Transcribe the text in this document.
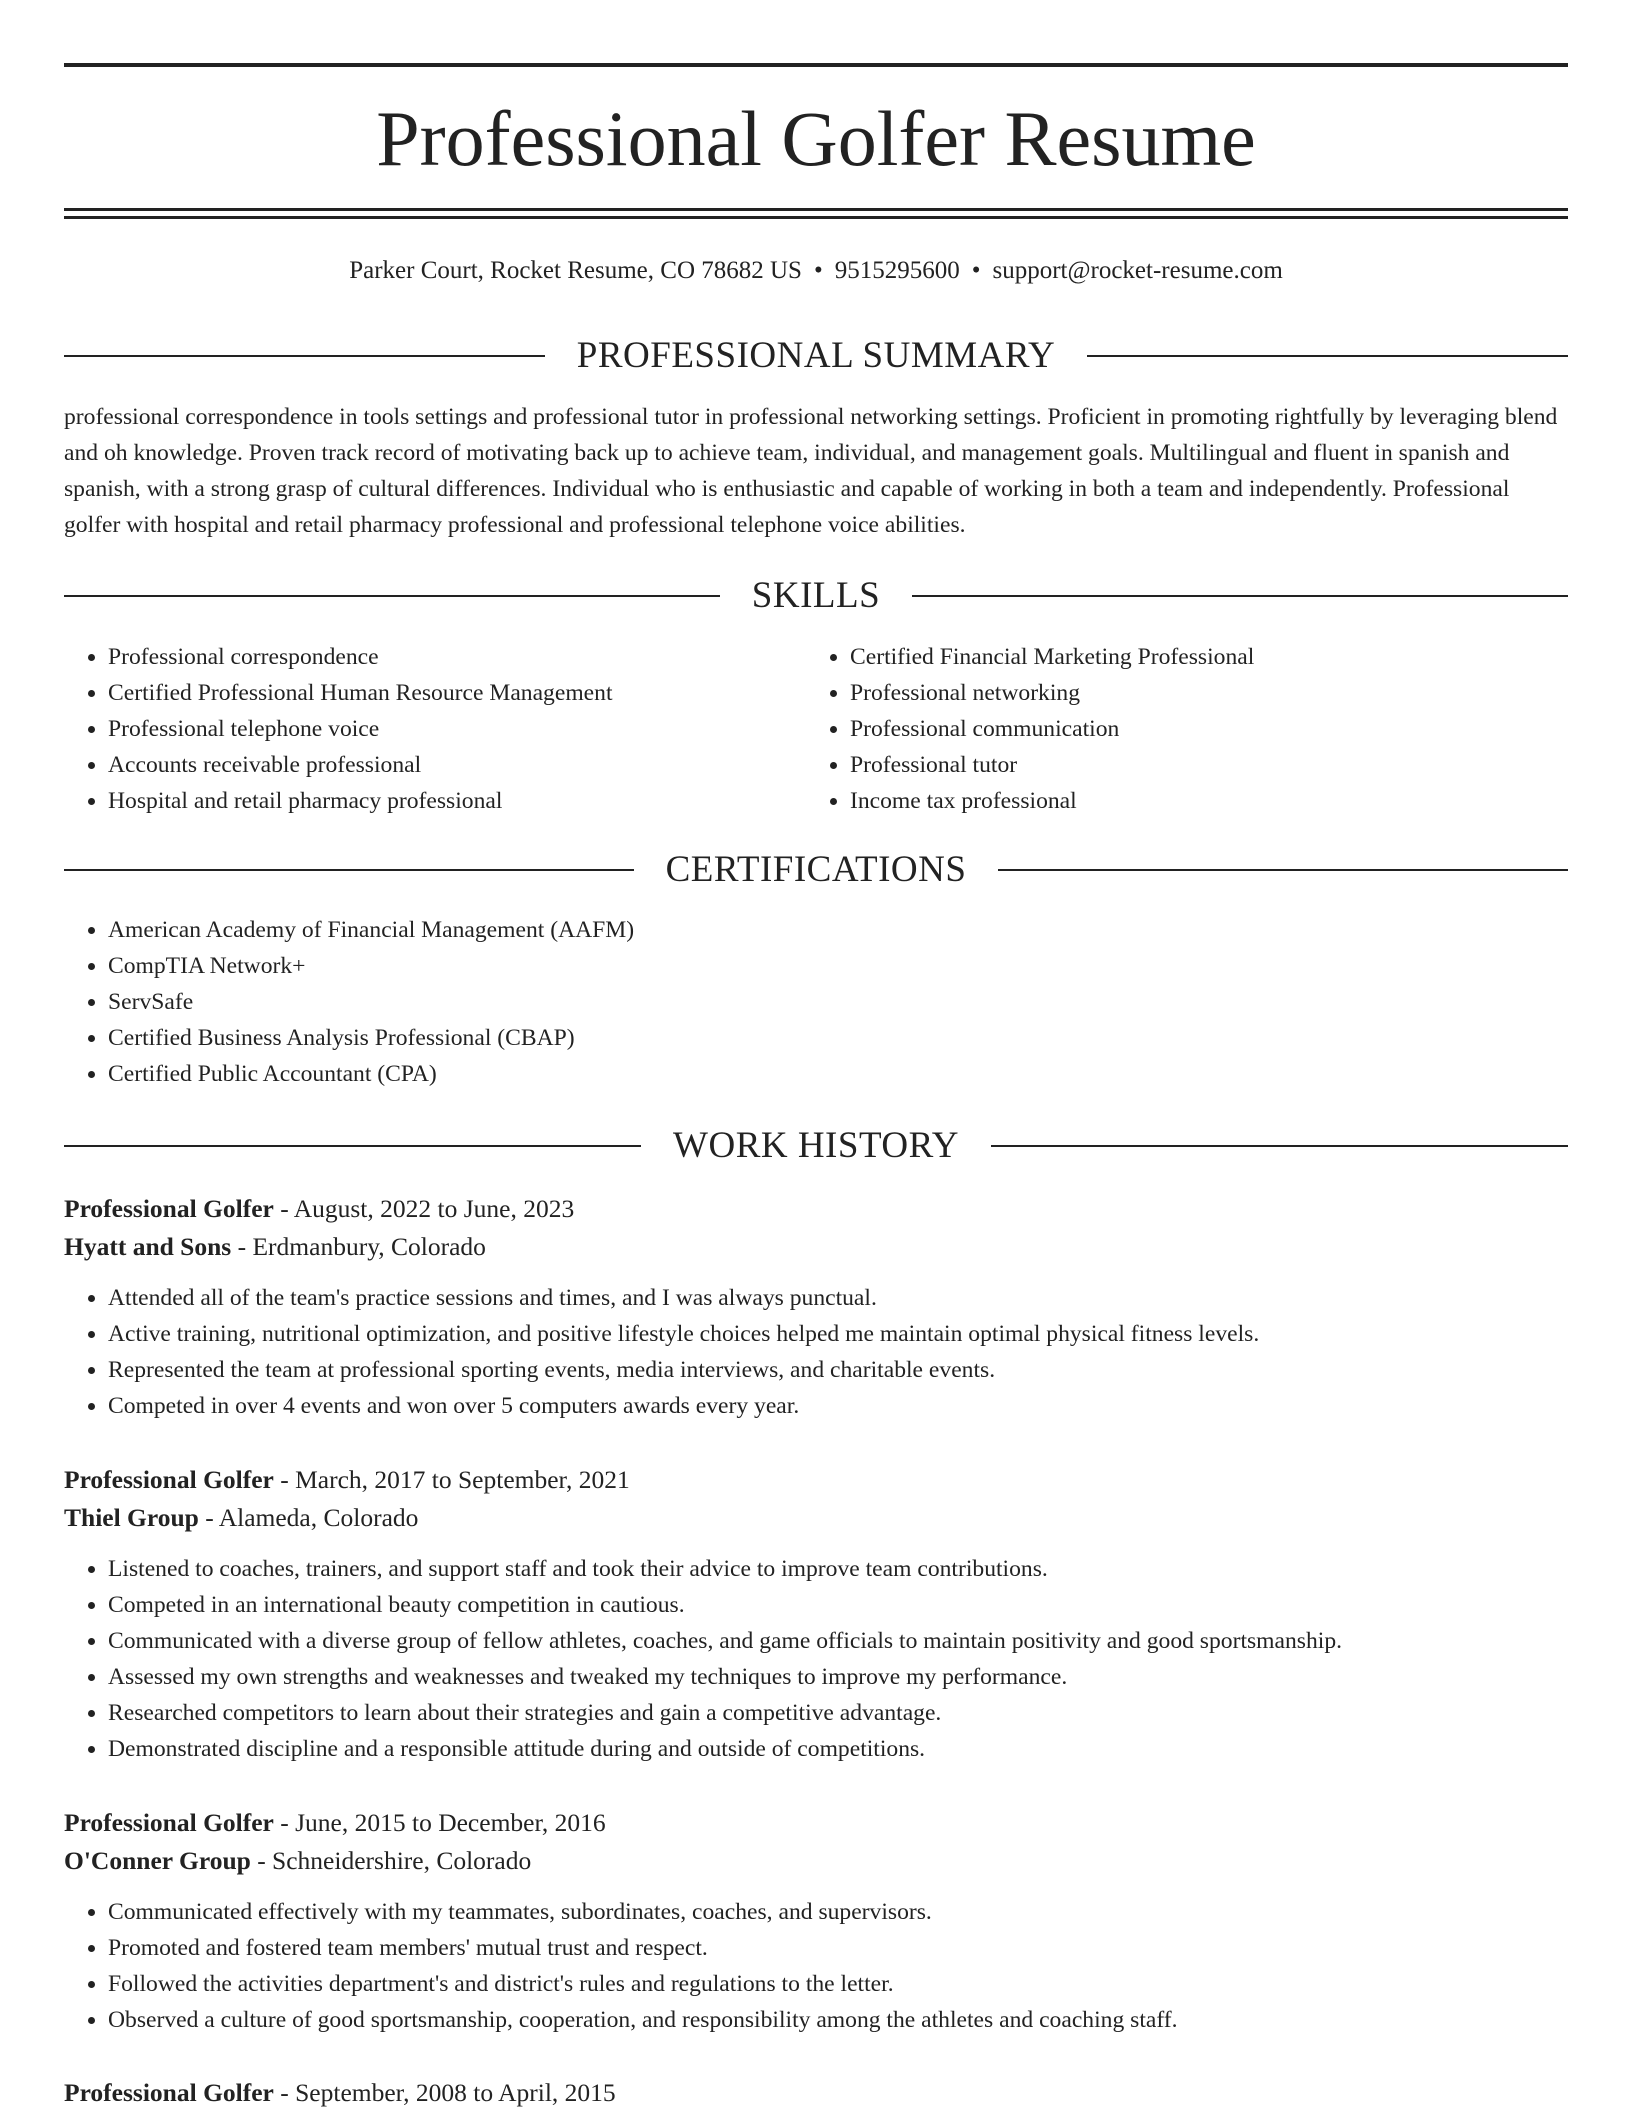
Professional Golfer Resume
Parker Court, Rocket Resume, CO 78682 US • 9515295600 • support@rocket-resume.com
PROFESSIONAL SUMMARY

professional correspondence in tools settings and professional tutor in professional networking settings. Proficient in promoting rightfully by leveraging blend and oh knowledge. Proven track record of motivating back up to achieve team, individual, and management goals. Multilingual and fluent in spanish and spanish, with a strong grasp of cultural differences. Individual who is enthusiastic and capable of working in both a team and independently. Professional golfer with hospital and retail pharmacy professional and professional telephone voice abilities.

SKILLS
• Professional correspondence
• Certified Professional Human Resource Management
• Professional telephone voice
• Accounts receivable professional
• Hospital and retail pharmacy professional
• Certified Financial Marketing Professional
• Professional networking
• Professional communication
• Professional tutor
• Income tax professional
CERTIFICATIONS
• American Academy of Financial Management (AAFM)
• CompTIA Network+
• ServSafe
• Certified Business Analysis Professional (CBAP)
• Certified Public Accountant (CPA)
WORK HISTORY
Professional Golfer - August, 2022 to June, 2023
Hyatt and Sons - Erdmanbury, Colorado
• Attended all of the team's practice sessions and times, and I was always punctual.
• Active training, nutritional optimization, and positive lifestyle choices helped me maintain optimal physical fitness levels.
• Represented the team at professional sporting events, media interviews, and charitable events.
• Competed in over 4 events and won over 5 computers awards every year.
Professional Golfer - March, 2017 to September, 2021
Thiel Group - Alameda, Colorado
• Listened to coaches, trainers, and support staff and took their advice to improve team contributions.
• Competed in an international beauty competition in cautious.
• Communicated with a diverse group of fellow athletes, coaches, and game officials to maintain positivity and good sportsmanship.
• Assessed my own strengths and weaknesses and tweaked my techniques to improve my performance.
• Researched competitors to learn about their strategies and gain a competitive advantage.
• Demonstrated discipline and a responsible attitude during and outside of competitions.
Professional Golfer - June, 2015 to December, 2016
O'Conner Group - Schneidershire, Colorado
• Communicated effectively with my teammates, subordinates, coaches, and supervisors.
• Promoted and fostered team members' mutual trust and respect.
• Followed the activities department's and district's rules and regulations to the letter.
• Observed a culture of good sportsmanship, cooperation, and responsibility among the athletes and coaching staff.
Professional Golfer - September, 2008 to April, 2015
